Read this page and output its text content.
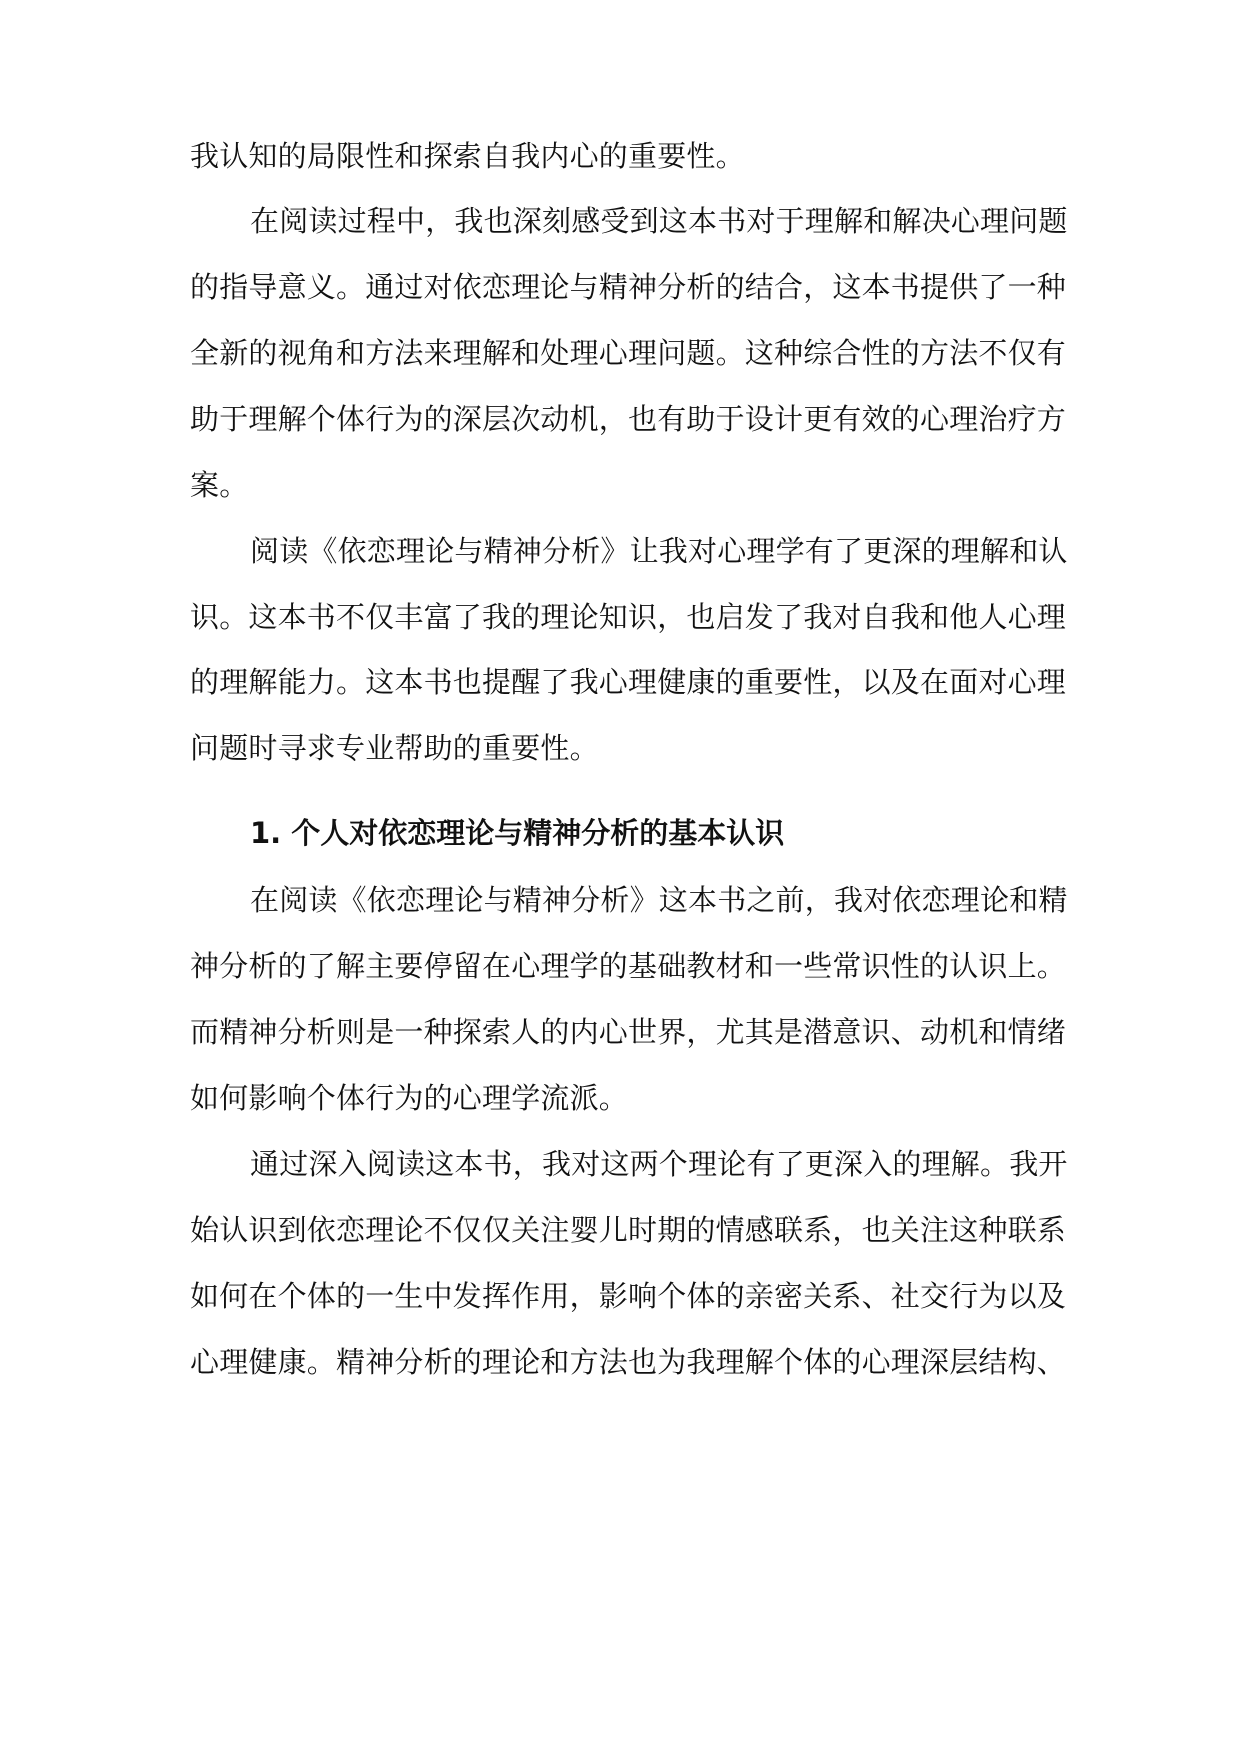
我认知的局限性和探索自我内心的重要性。
在阅读过程中，我也深刻感受到这本书对于理解和解决心理问题
的指导意义。通过对依恋理论与精神分析的结合，这本书提供了一种
全新的视角和方法来理解和处理心理问题。这种综合性的方法不仅有
助于理解个体行为的深层次动机，也有助于设计更有效的心理治疗方
案。
阅读《依恋理论与精神分析》让我对心理学有了更深的理解和认
识。这本书不仅丰富了我的理论知识，也启发了我对自我和他人心理
的理解能力。这本书也提醒了我心理健康的重要性，以及在面对心理
问题时寻求专业帮助的重要性。
1. 个人对依恋理论与精神分析的基本认识
在阅读《依恋理论与精神分析》这本书之前，我对依恋理论和精
神分析的了解主要停留在心理学的基础教材和一些常识性的认识上。
而精神分析则是一种探索人的内心世界，尤其是潜意识、动机和情绪
如何影响个体行为的心理学流派。
通过深入阅读这本书，我对这两个理论有了更深入的理解。我开
始认识到依恋理论不仅仅关注婴儿时期的情感联系，也关注这种联系
如何在个体的一生中发挥作用，影响个体的亲密关系、社交行为以及
心理健康。精神分析的理论和方法也为我理解个体的心理深层结构、
